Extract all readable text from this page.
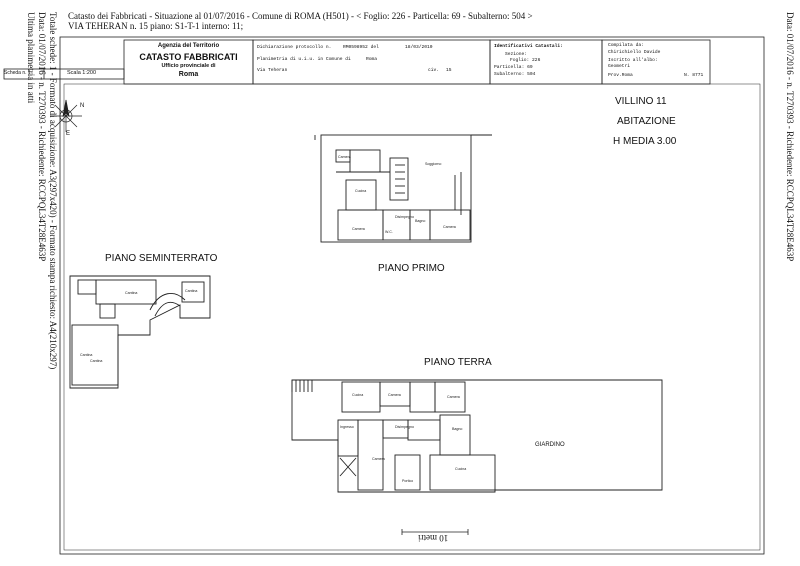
Catasto dei Fabbricati - Situazione al 01/07/2016 - Comune di ROMA (H501) - < Foglio: 226 - Particella: 69 - Subalterno: 504 >
VIA TEHERAN n. 15 piano: S1-T-1 interno: 11;
Ultima planimetria in atti Data: 01/07/2016 - n. T270393 - Richiedente: RCCPQL34T28E463P Totale schede: 1 - Formato di acquisizione: A3(297x420) - Formato stampa richiesto: A4(210x297)	Data: 01/07/2016 - n. T270393 - Richiedente: RCCPQL34T28E463P
Soggiorno
Cucina
Camera
Disimpegno
Bagno
Camera
Camera
W.C.
Cantina	Cantina
Cantina
Cantina
Cucina	Camera	Camera
Camera
Ingresso	Disimpegno	Bagno
Cucina
Portico
Scheda n. 1	Scala 1:200
Agenzia del Territorio
CATASTO FABBRICATI
Ufficio provinciale di
Roma
Dichiarazione protocollo n.	RM0598952 del	18/03/2010
Planimetria di u.i.u. in Comune di	Roma
Via Teheran	civ. 15
Identificativi Catastali:
Sezione:
Foglio: 226
Particella: 69
Subalterno: 504
Compilata da:
Chirichiello Davide
Iscritto all'albo:
Geometri
Prov.Roma	N. 8771
VILLINO 11
ABITAZIONE
H MEDIA 3.00
PIANO SEMINTERRATO
PIANO PRIMO
PIANO TERRA
GIARDINO
10 metri
N
E
